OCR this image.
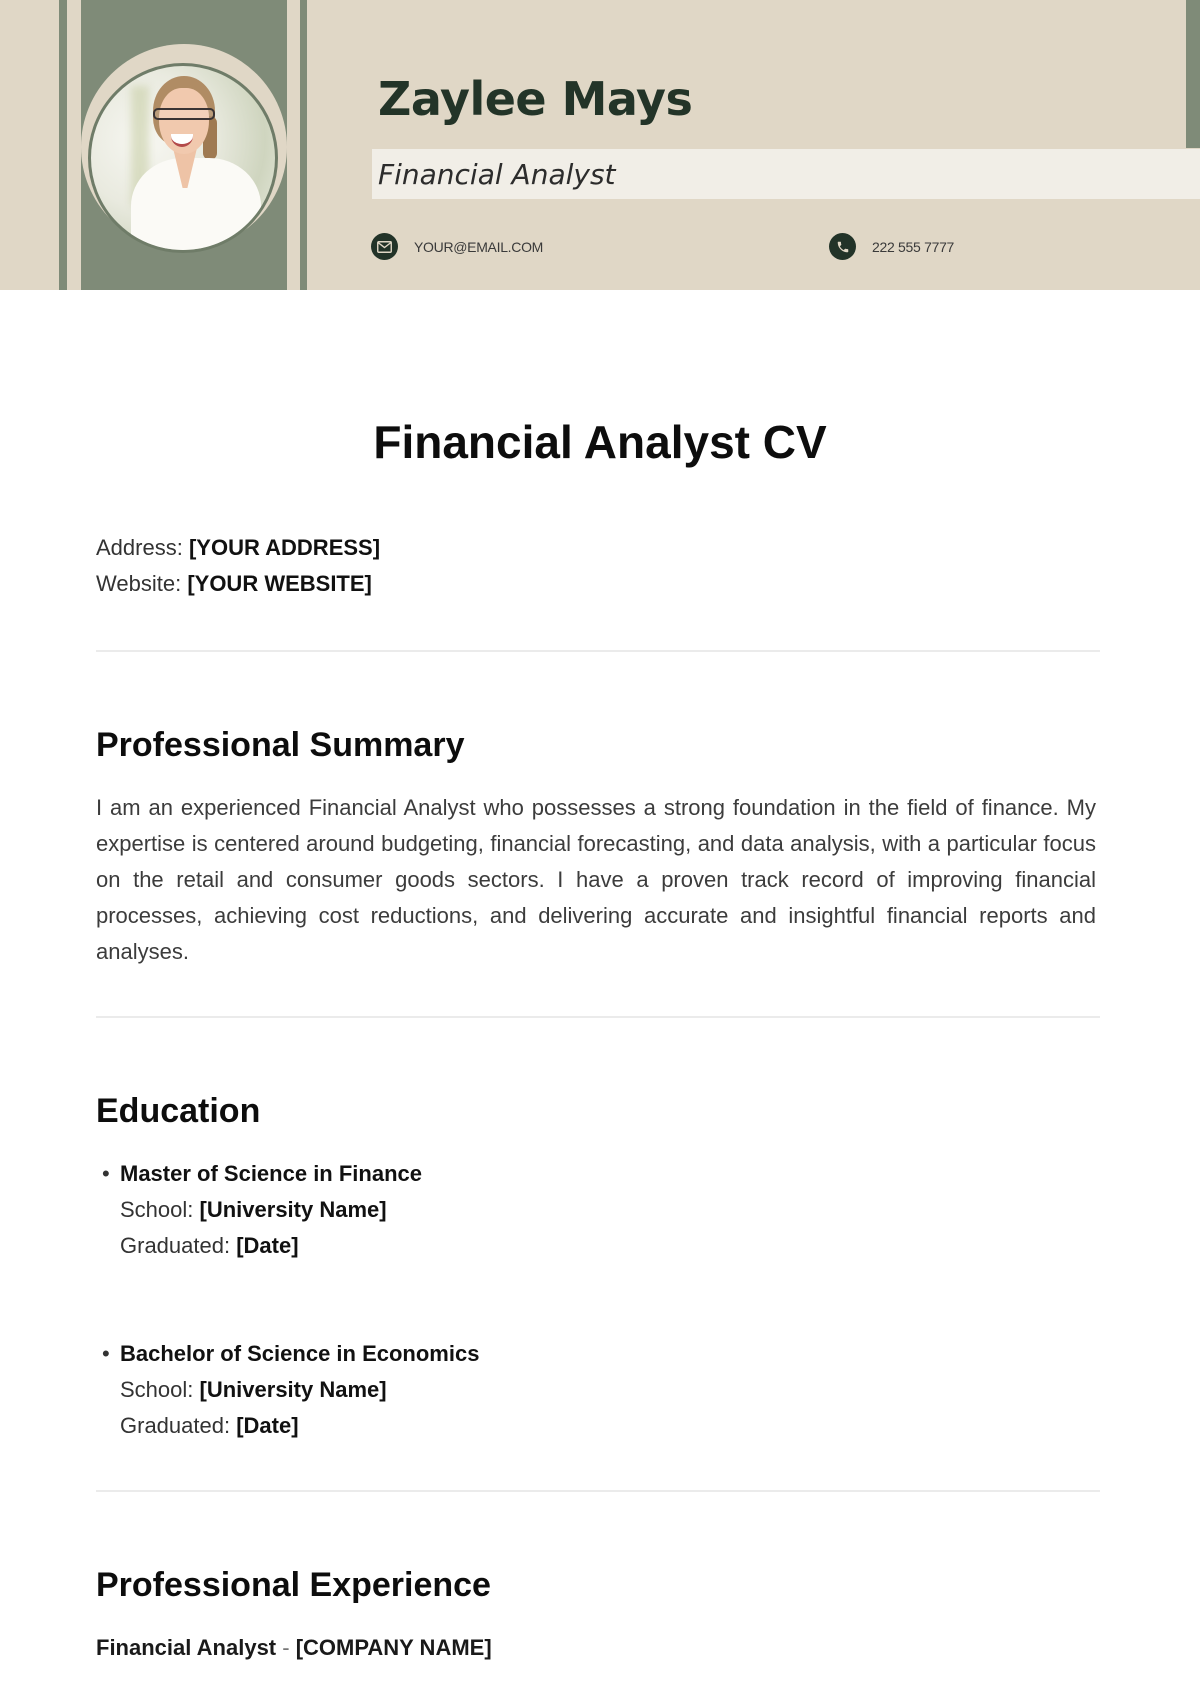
Zaylee Mays
Financial Analyst
YOUR@EMAIL.COM	222 555 7777
Financial Analyst CV
Address: [YOUR ADDRESS]
Website: [YOUR WEBSITE]
Professional Summary
I am an experienced Financial Analyst who possesses a strong foundation in the field of finance. My expertise is centered around budgeting, financial forecasting, and data analysis, with a particular focus on the retail and consumer goods sectors. I have a proven track record of improving financial processes, achieving cost reductions, and delivering accurate and insightful financial reports and analyses.
Education
• Master of Science in Finance
School: [University Name]
Graduated: [Date]
• Bachelor of Science in Economics
School: [University Name]
Graduated: [Date]
Professional Experience
Financial Analyst - [COMPANY NAME]
